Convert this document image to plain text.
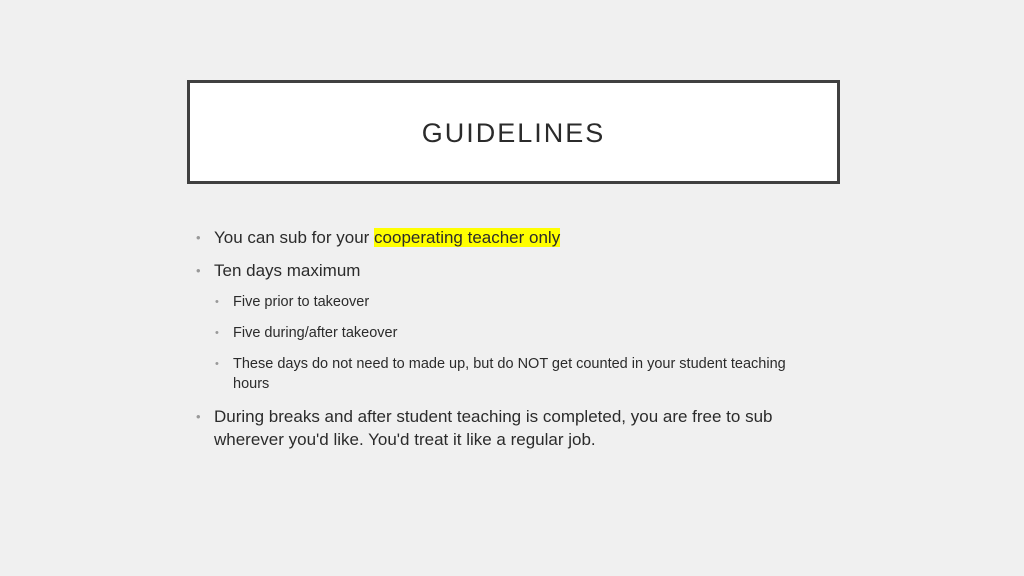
GUIDELINES
• You can sub for your cooperating teacher only
• Ten days maximum
• Five prior to takeover
• Five during/after takeover
• These days do not need to made up, but do NOT get counted in your student teaching hours
• During breaks and after student teaching is completed, you are free to sub wherever you'd like. You'd treat it like a regular job.
